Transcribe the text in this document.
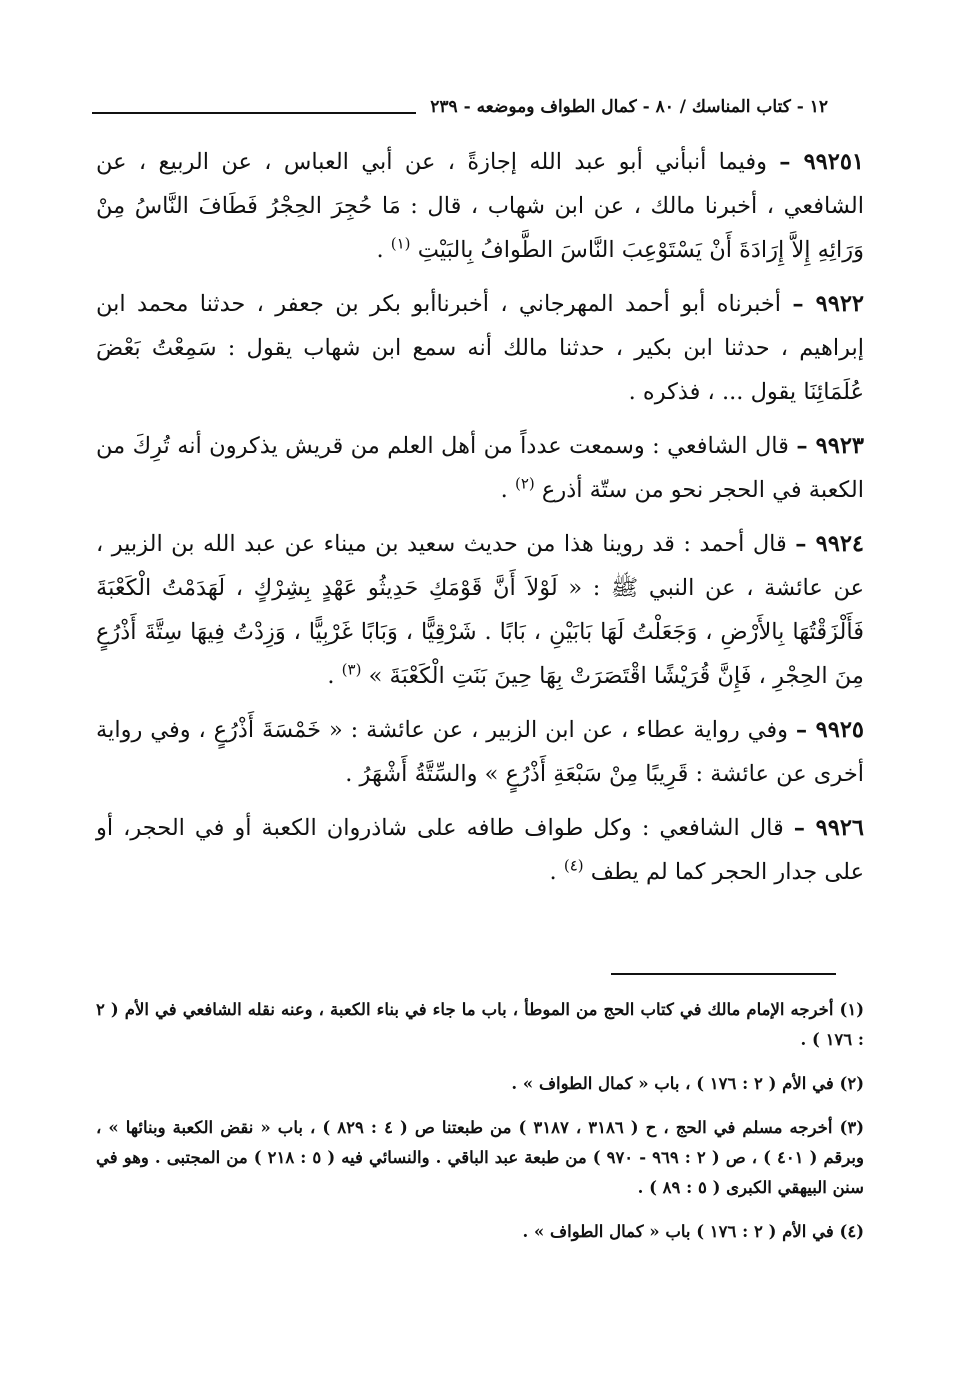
١٢ - كتاب المناسك / ٨٠ - كمال الطواف وموضعه - ٢٣٩

٩٩٢٥١ – وفيما أنبأني أبو عبد الله إجازةً ، عن أبي العباس ، عن الربيع ، عن الشافعي ، أخبرنا مالك ، عن ابن شهاب ، قال : مَا حُجِرَ الحِجْرُ فَطَافَ النَّاسُ مِنْ وَرَائِهِ إِلاَّ إِرَادَةَ أَنْ يَسْتَوْعِبَ النَّاسَ الطَّوافُ بِالبَيْتِ $^{(١)}$ .

٩٩٢٢ – أخبرناه أبو أحمد المهرجاني ، أخبرناأبو بكر بن جعفر ، حدثنا محمد ابن إبراهيم ، حدثنا ابن بكير ، حدثنا مالك أنه سمع ابن شهاب يقول : سَمِعْتُ بَعْضَ عُلَمَائِنَا يقول ... ، فذكره .

٩٩٢٣ – قال الشافعي : وسمعت عدداً من أهل العلم من قريش يذكرون أنه تُرِكَ من الكعبة في الحجر نحو من ستّة أذرع $^{(٢)}$ .

٩٩٢٤ – قال أحمد : قد روينا هذا من حديث سعيد بن ميناء عن عبد الله بن الزبير ، عن عائشة ، عن النبي ﷺ : « لَوْلاَ أَنَّ قَوْمَكِ حَدِيثُو عَهْدٍ بِشِرْكٍ ، لَهَدَمْتُ الْكَعْبَةَ فَأَلْزَقْتُهَا بِالأَرْضِ ، وَجَعَلْتُ لَهَا بَابَيْنِ ، بَابًا . شَرْقِيًّا ، وَبَابًا غَرْبِيًّا ، وَزِدْتُ فِيهَا سِتَّةَ أَذْرُعٍ مِنَ الحِجْرِ ، فَإِنَّ قُرَيْشًا اقْتَصَرَتْ بِهَا حِينَ بَنَتِ الْكَعْبَةَ » $^{(٣)}$ .

٩٩٢٥ – وفي رواية عطاء ، عن ابن الزبير ، عن عائشة : « خَمْسَةَ أَذْرُعٍ ، وفي رواية أخرى عن عائشة : قَرِيبًا مِنْ سَبْعَةِ أَذْرُعٍ » والسِّتَّةُ أَشْهَرُ .

٩٩٢٦ – قال الشافعي : وكل طواف طافه على شاذروان الكعبة أو في الحجر، أو على جدار الحجر كما لم يطف $^{(٤)}$ .

(١) أخرجه الإمام مالك في كتاب الحج من الموطأ ، باب ما جاء في بناء الكعبة ، وعنه نقله الشافعي في الأم ( ٢ : ١٧٦ ) .

(٢) في الأم ( ٢ : ١٧٦ ) ، باب « كمال الطواف » .

(٣) أخرجه مسلم في الحج ، ح ( ٣١٨٦ ، ٣١٨٧ ) من طبعتنا ص ( ٤ : ٨٢٩ ) ، باب « نقض الكعبة وبنائها » ، وبرقم ( ٤٠١ ) ، ص ( ٢ : ٩٦٩ - ٩٧٠ ) من طبعة عبد الباقي . والنسائي فيه ( ٥ : ٢١٨ ) من المجتبى . وهو في سنن البيهقي الكبرى ( ٥ : ٨٩ ) .

(٤) في الأم ( ٢ : ١٧٦ ) باب « كمال الطواف » .
